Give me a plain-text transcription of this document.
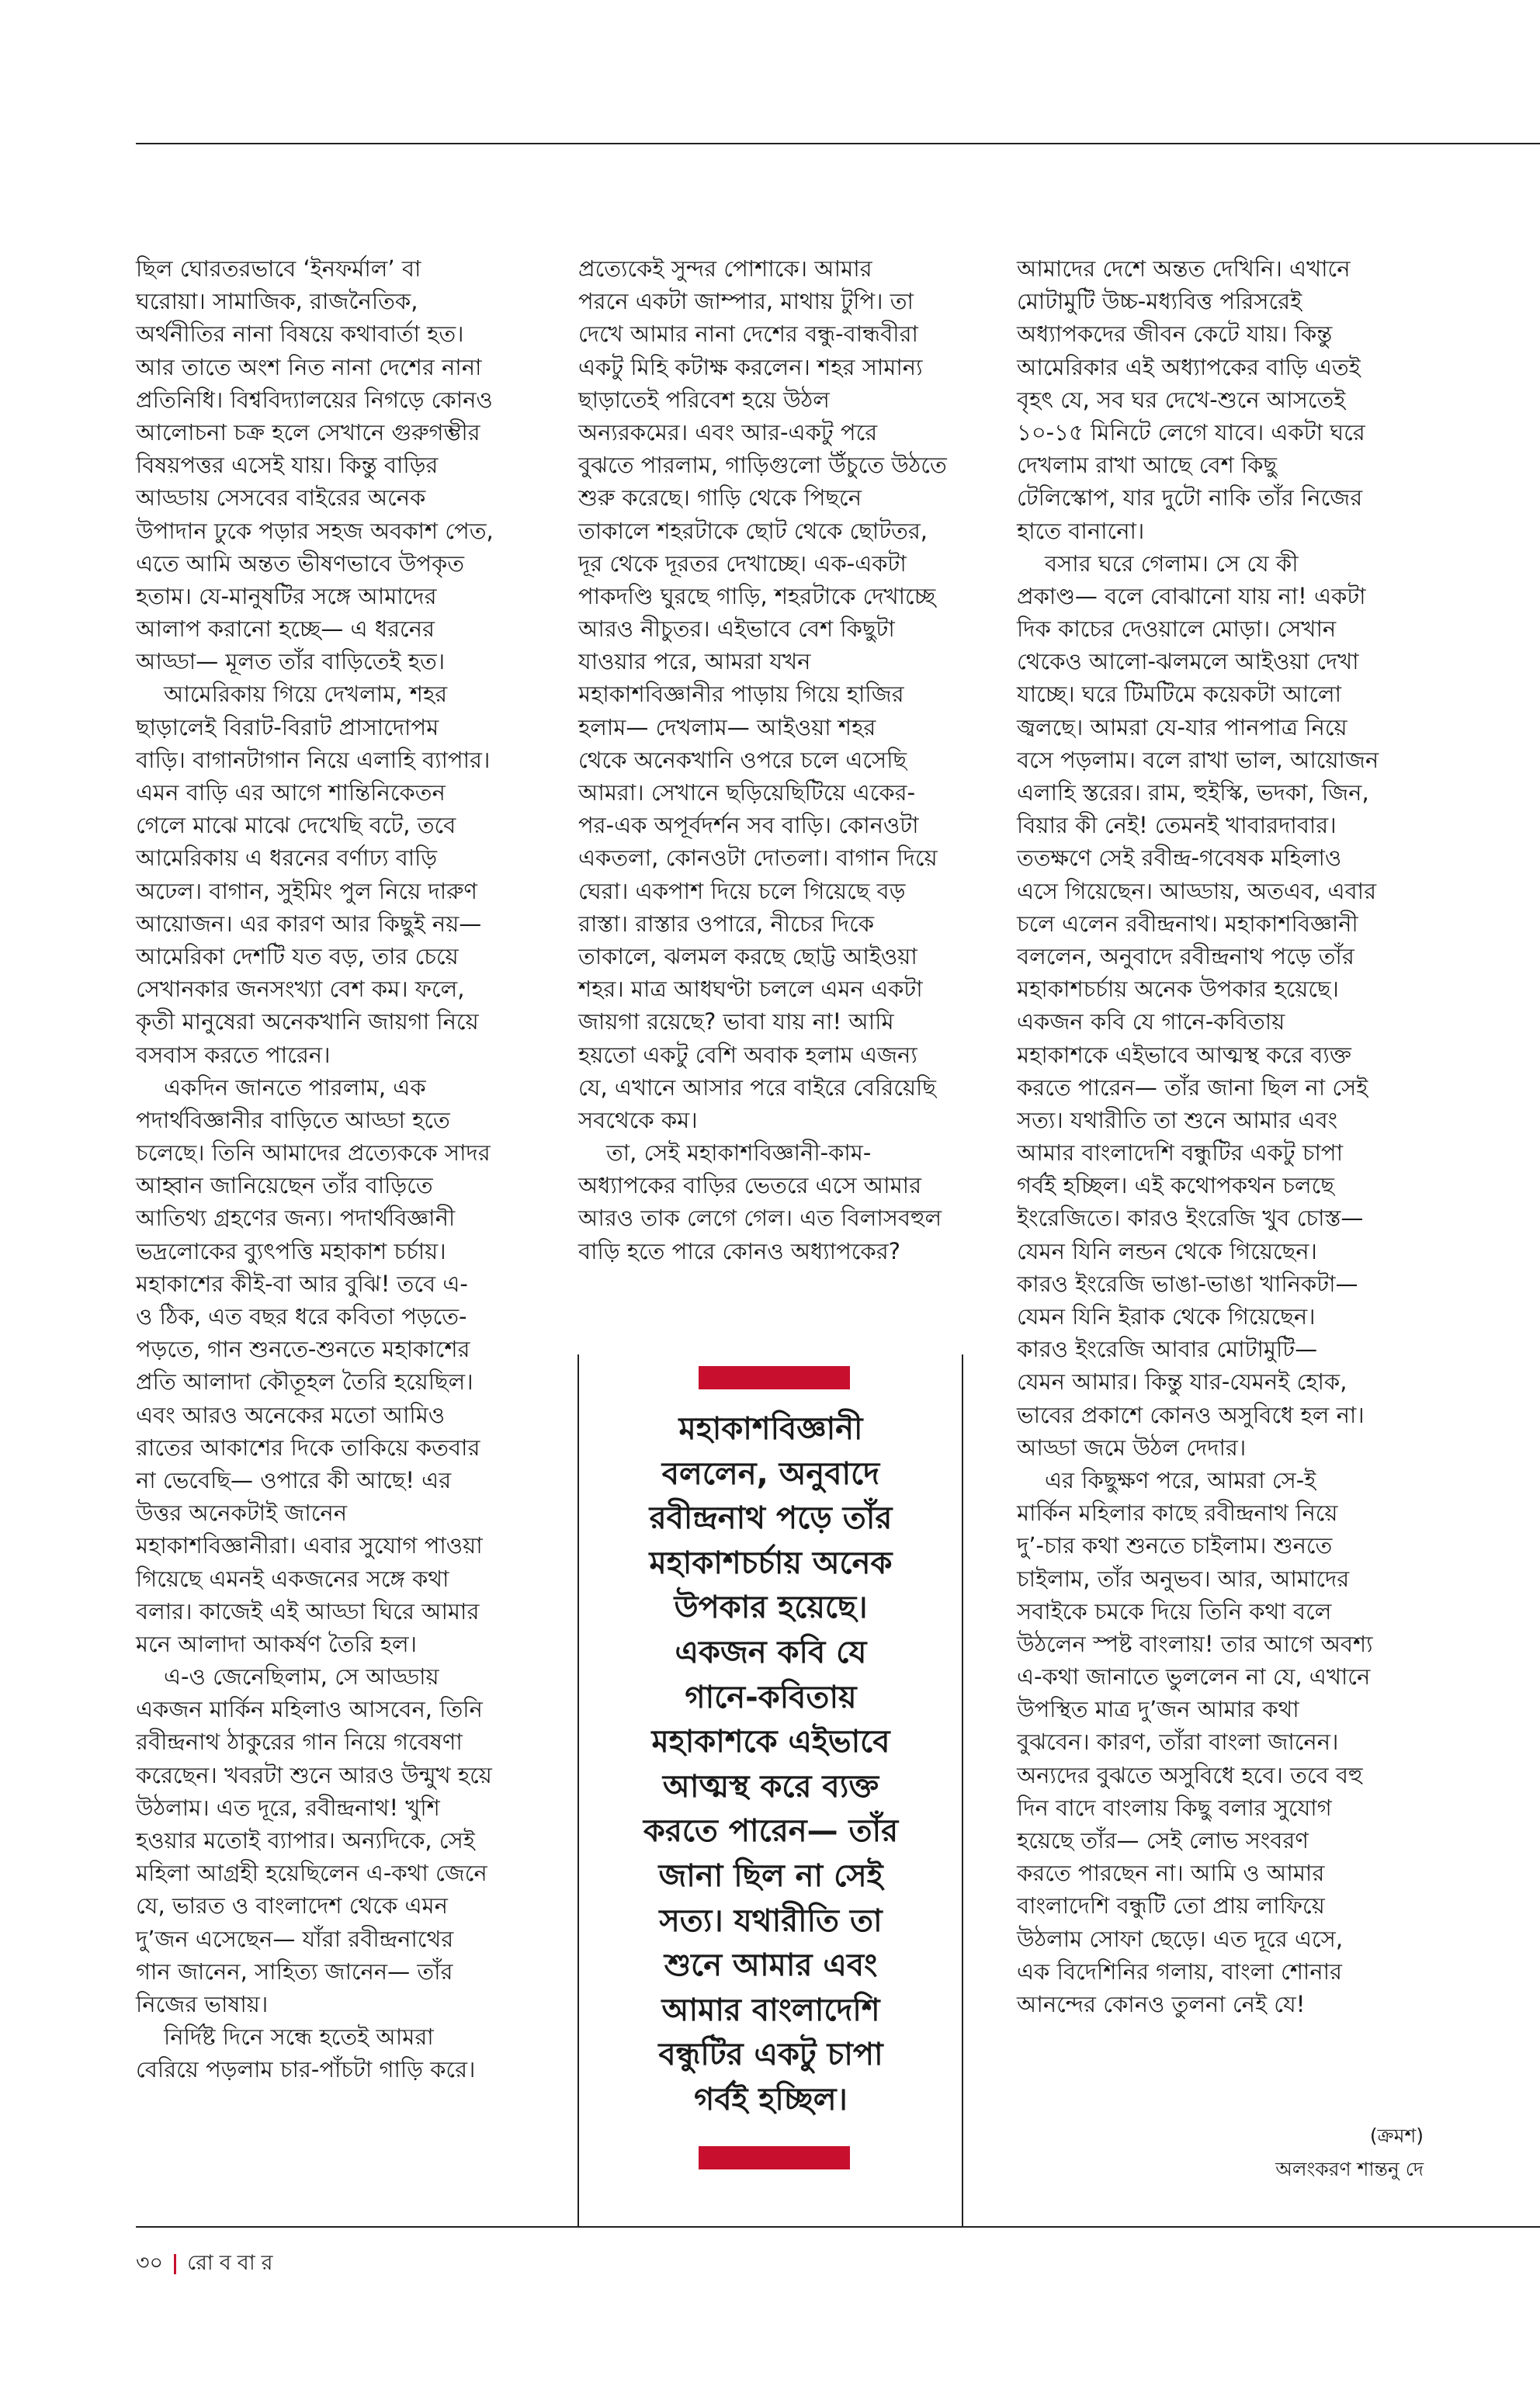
ছিল ঘোরতরভাবে ‘ইনফর্মাল’ বা
ঘরোয়া। সামাজিক, রাজনৈতিক,
অর্থনীতির নানা বিষয়ে কথাবার্তা হত।
আর তাতে অংশ নিত নানা দেশের নানা
প্রতিনিধি। বিশ্ববিদ্যালয়ের নিগড়ে কোনও
আলোচনা চক্র হলে সেখানে গুরুগম্ভীর
বিষয়পত্তর এসেই যায়। কিন্তু বাড়ির
আড্ডায় সেসবের বাইরের অনেক
উপাদান ঢুকে পড়ার সহজ অবকাশ পেত,
এতে আমি অন্তত ভীষণভাবে উপকৃত
হতাম। যে-মানুষটির সঙ্গে আমাদের
আলাপ করানো হচ্ছে— এ ধরনের
আড্ডা— মূলত তাঁর বাড়িতেই হত।
আমেরিকায় গিয়ে দেখলাম, শহর
ছাড়ালেই বিরাট-বিরাট প্রাসাদোপম
বাড়ি। বাগানটাগান নিয়ে এলাহি ব্যাপার।
এমন বাড়ি এর আগে শান্তিনিকেতন
গেলে মাঝে মাঝে দেখেছি বটে, তবে
আমেরিকায় এ ধরনের বর্ণাঢ্য বাড়ি
অঢেল। বাগান, সুইমিং পুল নিয়ে দারুণ
আয়োজন। এর কারণ আর কিছুই নয়—
আমেরিকা দেশটি যত বড়, তার চেয়ে
সেখানকার জনসংখ্যা বেশ কম। ফলে,
কৃতী মানুষেরা অনেকখানি জায়গা নিয়ে
বসবাস করতে পারেন।
একদিন জানতে পারলাম, এক
পদার্থবিজ্ঞানীর বাড়িতে আড্ডা হতে
চলেছে। তিনি আমাদের প্রত্যেককে সাদর
আহ্বান জানিয়েছেন তাঁর বাড়িতে
আতিথ্য গ্রহণের জন্য। পদার্থবিজ্ঞানী
ভদ্রলোকের ব্যুৎপত্তি মহাকাশ চর্চায়।
মহাকাশের কীই-বা আর বুঝি! তবে এ-
ও ঠিক, এত বছর ধরে কবিতা পড়তে-
পড়তে, গান শুনতে-শুনতে মহাকাশের
প্রতি আলাদা কৌতূহল তৈরি হয়েছিল।
এবং আরও অনেকের মতো আমিও
রাতের আকাশের দিকে তাকিয়ে কতবার
না ভেবেছি— ওপারে কী আছে! এর
উত্তর অনেকটাই জানেন
মহাকাশবিজ্ঞানীরা। এবার সুযোগ পাওয়া
গিয়েছে এমনই একজনের সঙ্গে কথা
বলার। কাজেই এই আড্ডা ঘিরে আমার
মনে আলাদা আকর্ষণ তৈরি হল।
এ-ও জেনেছিলাম, সে আড্ডায়
একজন মার্কিন মহিলাও আসবেন, তিনি
রবীন্দ্রনাথ ঠাকুরের গান নিয়ে গবেষণা
করেছেন। খবরটা শুনে আরও উন্মুখ হয়ে
উঠলাম। এত দূরে, রবীন্দ্রনাথ! খুশি
হওয়ার মতোই ব্যাপার। অন্যদিকে, সেই
মহিলা আগ্রহী হয়েছিলেন এ-কথা জেনে
যে, ভারত ও বাংলাদেশ থেকে এমন
দু’জন এসেছেন— যাঁরা রবীন্দ্রনাথের
গান জানেন, সাহিত্য জানেন— তাঁর
নিজের ভাষায়।
নির্দিষ্ট দিনে সন্ধে হতেই আমরা
বেরিয়ে পড়লাম চার-পাঁচটা গাড়ি করে।
প্রত্যেকেই সুন্দর পোশাকে। আমার
পরনে একটা জাম্পার, মাথায় টুপি। তা
দেখে আমার নানা দেশের বন্ধু-বান্ধবীরা
একটু মিহি কটাক্ষ করলেন। শহর সামান্য
ছাড়াতেই পরিবেশ হয়ে উঠল
অন্যরকমের। এবং আর-একটু পরে
বুঝতে পারলাম, গাড়িগুলো উঁচুতে উঠতে
শুরু করেছে। গাড়ি থেকে পিছনে
তাকালে শহরটাকে ছোট থেকে ছোটতর,
দূর থেকে দূরতর দেখাচ্ছে। এক-একটা
পাকদণ্ডি ঘুরছে গাড়ি, শহরটাকে দেখাচ্ছে
আরও নীচুতর। এইভাবে বেশ কিছুটা
যাওয়ার পরে, আমরা যখন
মহাকাশবিজ্ঞানীর পাড়ায় গিয়ে হাজির
হলাম— দেখলাম— আইওয়া শহর
থেকে অনেকখানি ওপরে চলে এসেছি
আমরা। সেখানে ছড়িয়েছিটিয়ে একের-
পর-এক অপূর্বদর্শন সব বাড়ি। কোনওটা
একতলা, কোনওটা দোতলা। বাগান দিয়ে
ঘেরা। একপাশ দিয়ে চলে গিয়েছে বড়
রাস্তা। রাস্তার ওপারে, নীচের দিকে
তাকালে, ঝলমল করছে ছোট্ট আইওয়া
শহর। মাত্র আধঘণ্টা চললে এমন একটা
জায়গা রয়েছে? ভাবা যায় না! আমি
হয়তো একটু বেশি অবাক হলাম এজন্য
যে, এখানে আসার পরে বাইরে বেরিয়েছি
সবথেকে কম।
তা, সেই মহাকাশবিজ্ঞানী-কাম-
অধ্যাপকের বাড়ির ভেতরে এসে আমার
আরও তাক লেগে গেল। এত বিলাসবহুল
বাড়ি হতে পারে কোনও অধ্যাপকের?
আমাদের দেশে অন্তত দেখিনি। এখানে
মোটামুটি উচ্চ-মধ্যবিত্ত পরিসরেই
অধ্যাপকদের জীবন কেটে যায়। কিন্তু
আমেরিকার এই অধ্যাপকের বাড়ি এতই
বৃহৎ যে, সব ঘর দেখে-শুনে আসতেই
১০-১৫ মিনিটে লেগে যাবে। একটা ঘরে
দেখলাম রাখা আছে বেশ কিছু
টেলিস্কোপ, যার দুটো নাকি তাঁর নিজের
হাতে বানানো।
বসার ঘরে গেলাম। সে যে কী
প্রকাণ্ড— বলে বোঝানো যায় না! একটা
দিক কাচের দেওয়ালে মোড়া। সেখান
থেকেও আলো-ঝলমলে আইওয়া দেখা
যাচ্ছে। ঘরে টিমটিমে কয়েকটা আলো
জ্বলছে। আমরা যে-যার পানপাত্র নিয়ে
বসে পড়লাম। বলে রাখা ভাল, আয়োজন
এলাহি স্তরের। রাম, হুইস্কি, ভদকা, জিন,
বিয়ার কী নেই! তেমনই খাবারদাবার।
ততক্ষণে সেই রবীন্দ্র-গবেষক মহিলাও
এসে গিয়েছেন। আড্ডায়, অতএব, এবার
চলে এলেন রবীন্দ্রনাথ। মহাকাশবিজ্ঞানী
বললেন, অনুবাদে রবীন্দ্রনাথ পড়ে তাঁর
মহাকাশচর্চায় অনেক উপকার হয়েছে।
একজন কবি যে গানে-কবিতায়
মহাকাশকে এইভাবে আত্মস্থ করে ব্যক্ত
করতে পারেন— তাঁর জানা ছিল না সেই
সত্য। যথারীতি তা শুনে আমার এবং
আমার বাংলাদেশি বন্ধুটির একটু চাপা
গর্বই হচ্ছিল। এই কথোপকথন চলছে
ইংরেজিতে। কারও ইংরেজি খুব চোস্ত—
যেমন যিনি লন্ডন থেকে গিয়েছেন।
কারও ইংরেজি ভাঙা-ভাঙা খানিকটা—
যেমন যিনি ইরাক থেকে গিয়েছেন।
কারও ইংরেজি আবার মোটামুটি—
যেমন আমার। কিন্তু যার-যেমনই হোক,
ভাবের প্রকাশে কোনও অসুবিধে হল না।
আড্ডা জমে উঠল দেদার।
এর কিছুক্ষণ পরে, আমরা সে-ই
মার্কিন মহিলার কাছে রবীন্দ্রনাথ নিয়ে
দু’-চার কথা শুনতে চাইলাম। শুনতে
চাইলাম, তাঁর অনুভব। আর, আমাদের
সবাইকে চমকে দিয়ে তিনি কথা বলে
উঠলেন স্পষ্ট বাংলায়! তার আগে অবশ্য
এ-কথা জানাতে ভুললেন না যে, এখানে
উপস্থিত মাত্র দু’জন আমার কথা
বুঝবেন। কারণ, তাঁরা বাংলা জানেন।
অন্যদের বুঝতে অসুবিধে হবে। তবে বহু
দিন বাদে বাংলায় কিছু বলার সুযোগ
হয়েছে তাঁর— সেই লোভ সংবরণ
করতে পারছেন না। আমি ও আমার
বাংলাদেশি বন্ধুটি তো প্রায় লাফিয়ে
উঠলাম সোফা ছেড়ে। এত দূরে এসে,
এক বিদেশিনির গলায়, বাংলা শোনার
আনন্দের কোনও তুলনা নেই যে!
মহাকাশবিজ্ঞানী
বললেন, অনুবাদে
রবীন্দ্রনাথ পড়ে তাঁর
মহাকাশচর্চায় অনেক
উপকার হয়েছে।
একজন কবি যে
গানে-কবিতায়
মহাকাশকে এইভাবে
আত্মস্থ করে ব্যক্ত
করতে পারেন— তাঁর
জানা ছিল না সেই
সত্য। যথারীতি তা
শুনে আমার এবং
আমার বাংলাদেশি
বন্ধুটির একটু চাপা
গর্বই হচ্ছিল।
(ক্রমশ)
অলংকরণ শান্তনু দে
৩০ রোববার
